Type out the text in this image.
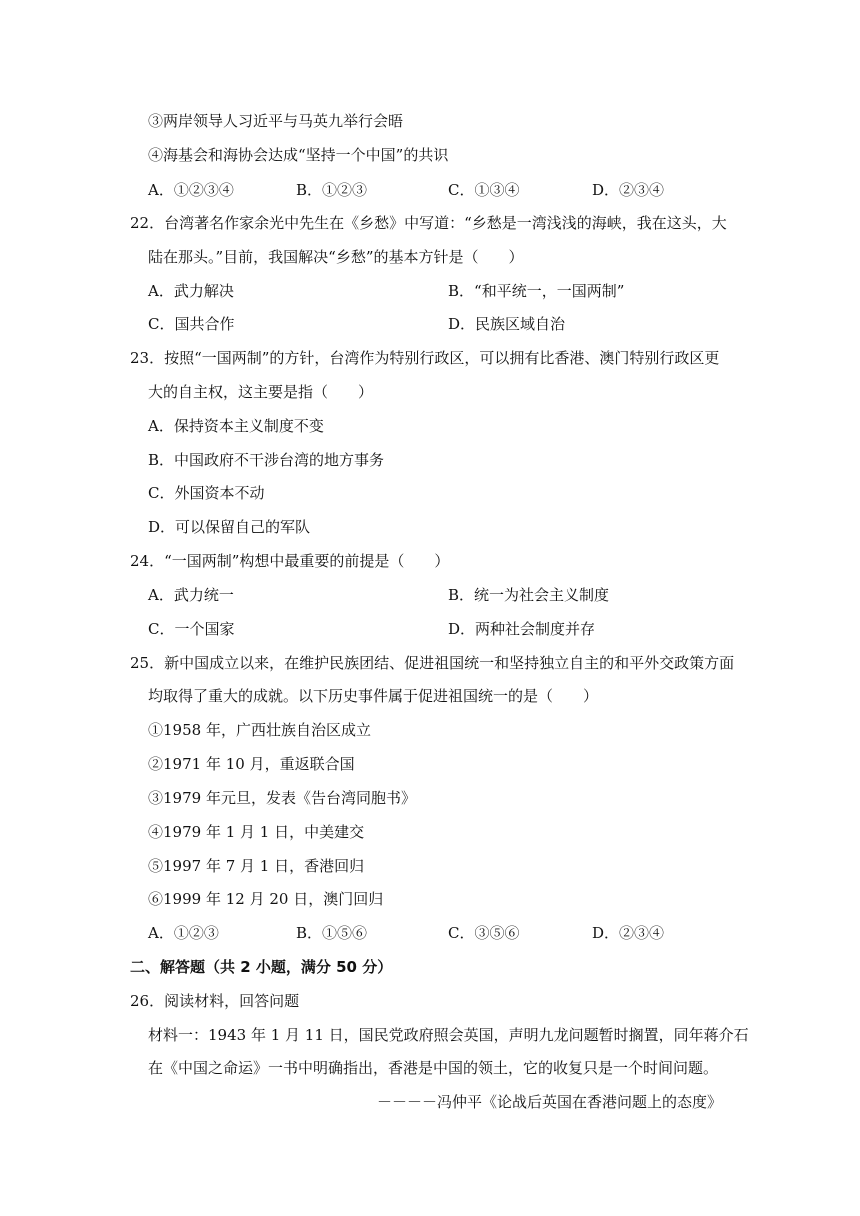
③两岸领导人习近平与马英九举行会晤
④海基会和海协会达成“坚持一个中国”的共识
A．①②③④	B．①②③	C．①③④	D．②③④
22．台湾著名作家余光中先生在《乡愁》中写道：“乡愁是一湾浅浅的海峡，我在这头，大
陆在那头。”目前，我国解决“乡愁”的基本方针是（　　）
A．武力解决	B．“和平统一，一国两制”
C．国共合作	D．民族区域自治
23．按照“一国两制”的方针，台湾作为特别行政区，可以拥有比香港、澳门特别行政区更
大的自主权，这主要是指（　　）
A．保持资本主义制度不变
B．中国政府不干涉台湾的地方事务
C．外国资本不动
D．可以保留自己的军队
24．“一国两制”构想中最重要的前提是（　　）
A．武力统一	B．统一为社会主义制度
C．一个国家	D．两种社会制度并存
25．新中国成立以来，在维护民族团结、促进祖国统一和坚持独立自主的和平外交政策方面
均取得了重大的成就。以下历史事件属于促进祖国统一的是（　　）
①1958 年，广西壮族自治区成立
②1971 年 10 月，重返联合国
③1979 年元旦，发表《告台湾同胞书》
④1979 年 1 月 1 日，中美建交
⑤1997 年 7 月 1 日，香港回归
⑥1999 年 12 月 20 日，澳门回归
A．①②③	B．①⑤⑥	C．③⑤⑥	D．②③④
二、解答题（共 2 小题，满分 50 分）
26．阅读材料，回答问题
材料一：1943 年 1 月 11 日，国民党政府照会英国，声明九龙问题暂时搁置，同年蒋介石
在《中国之命运》一书中明确指出，香港是中国的领土，它的收复只是一个时间问题。
－－－－冯仲平《论战后英国在香港问题上的态度》
